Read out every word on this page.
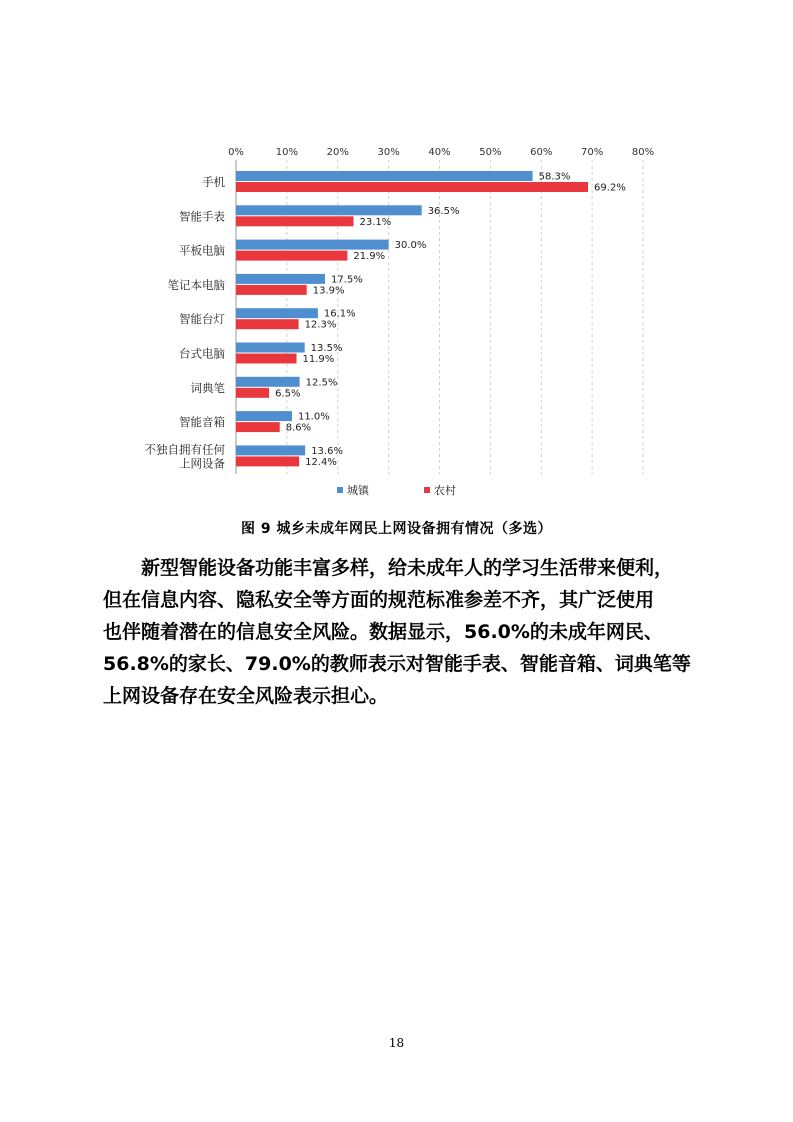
0%	10%	20%	30%	40%	50%	60%	70%	80%
手机
智能手表
平板电脑
笔记本电脑
智能台灯
台式电脑
词典笔
智能音箱
不独自拥有任何
上网设备
58.3%
69.2%
36.5%
23.1%
30.0%
21.9%
17.5%
13.9%
16.1%
12.3%
13.5%
11.9%
12.5%
6.5%
11.0%
8.6%
13.6%
12.4%
城镇	农村
图 9 城乡未成年网民上网设备拥有情况（多选）
新型智能设备功能丰富多样，给未成年人的学习生活带来便利，
但在信息内容、隐私安全等方面的规范标准参差不齐，其广泛使用
也伴随着潜在的信息安全风险。数据显示，56.0%的未成年网民、
56.8%的家长、79.0%的教师表示对智能手表、智能音箱、词典笔等
上网设备存在安全风险表示担心。
18
